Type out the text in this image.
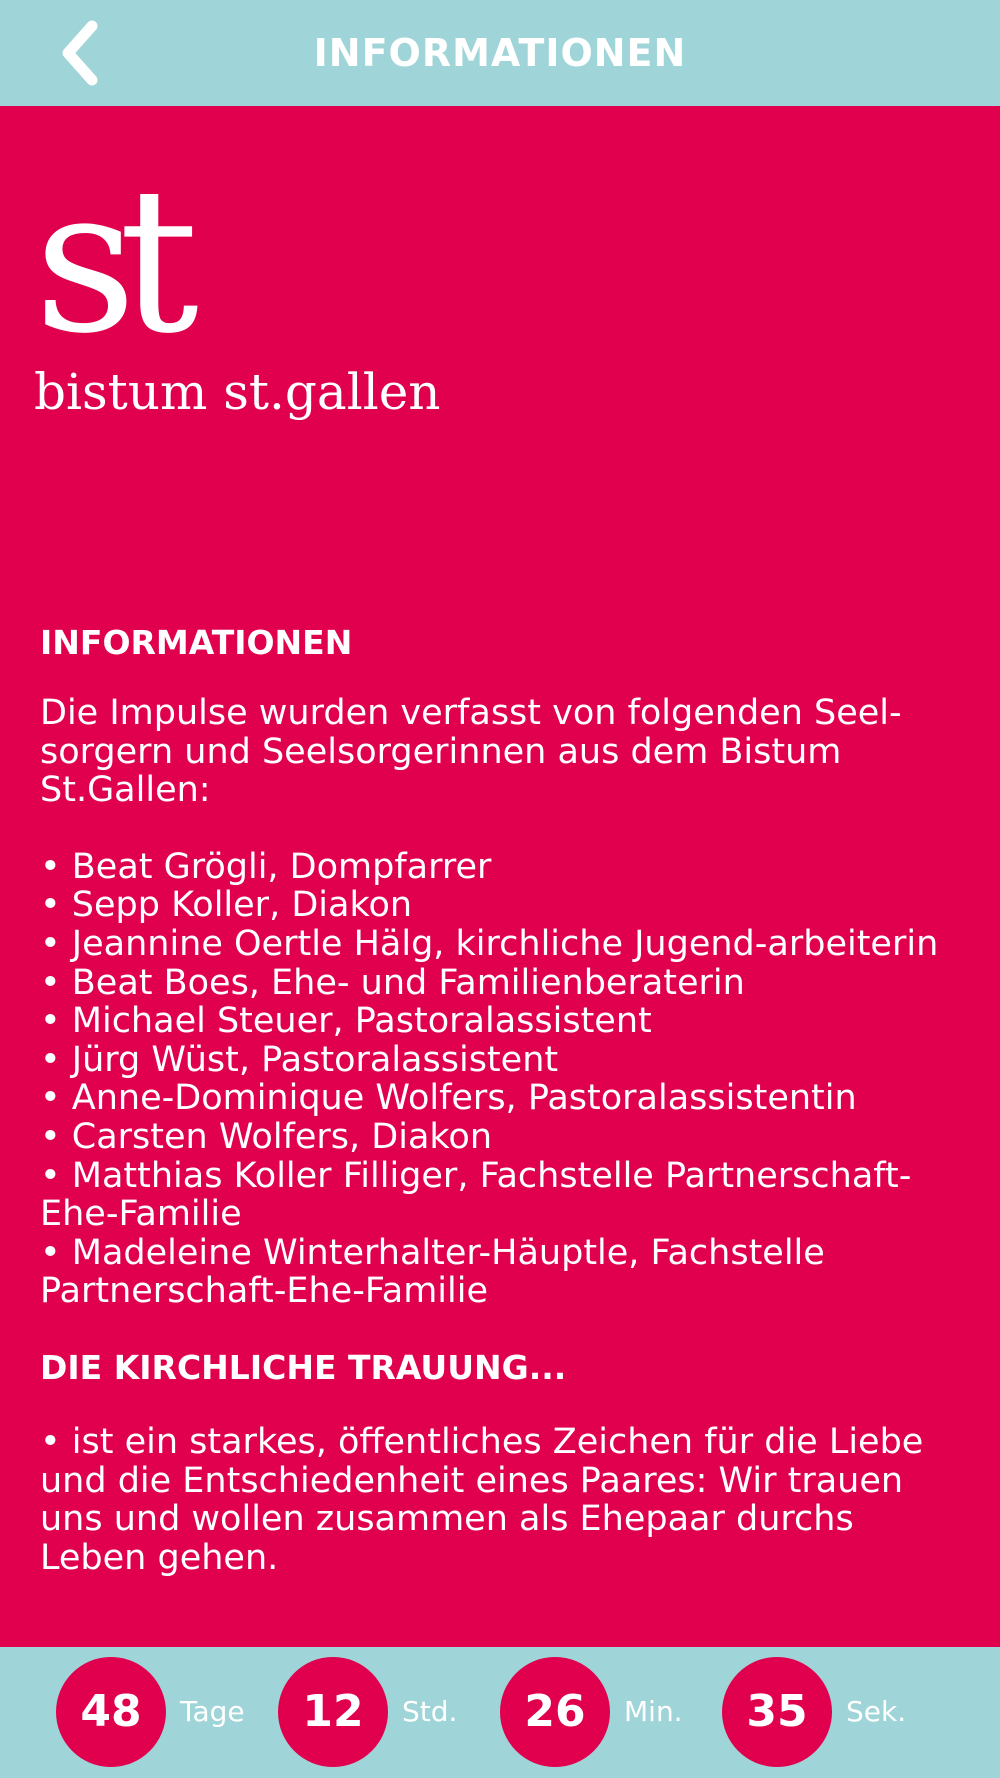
INFORMATIONEN
st
bistum st.gallen

INFORMATIONEN

Die Impulse wurden verfasst von folgenden Seel-sorgern und Seelsorgerinnen aus dem Bistum St.Gallen:

• Beat Grögli, Dompfarrer
• Sepp Koller, Diakon
• Jeannine Oertle Hälg, kirchliche Jugend-arbeiterin
• Beat Boes, Ehe- und Familienberaterin
• Michael Steuer, Pastoralassistent
• Jürg Wüst, Pastoralassistent
• Anne-Dominique Wolfers, Pastoralassistentin
• Carsten Wolfers, Diakon
• Matthias Koller Filliger, Fachstelle Partnerschaft-Ehe-Familie
• Madeleine Winterhalter-Häuptle, Fachstelle Partnerschaft-Ehe-Familie

DIE KIRCHLICHE TRAUUNG...

• ist ein starkes, öffentliches Zeichen für die Liebe und die Entschiedenheit eines Paares: Wir trauen uns und wollen zusammen als Ehepaar durchs Leben gehen.

48	Tage	12	Std.	26	Min.	35	Sek.
